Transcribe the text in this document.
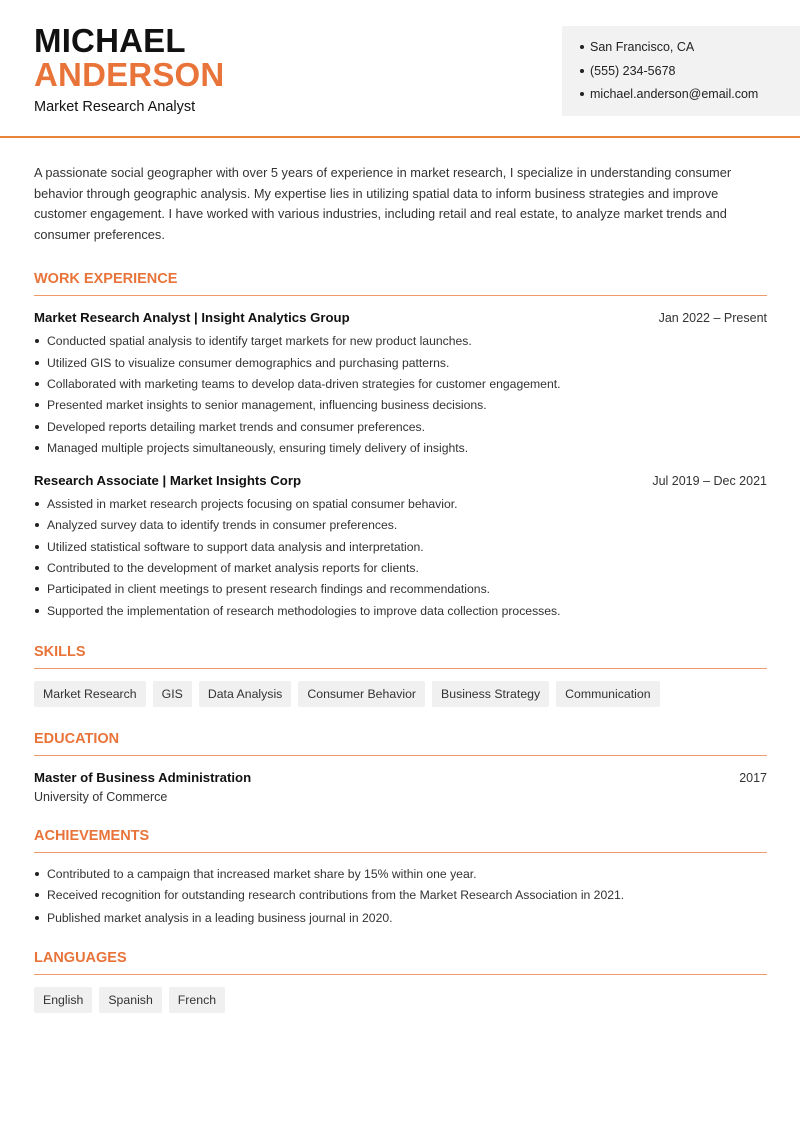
MICHAEL
ANDERSON
Market Research Analyst
San Francisco, CA
(555) 234-5678
michael.anderson@email.com

A passionate social geographer with over 5 years of experience in market research, I specialize in understanding consumer behavior through geographic analysis. My expertise lies in utilizing spatial data to inform business strategies and improve customer engagement. I have worked with various industries, including retail and real estate, to analyze market trends and consumer preferences.

WORK EXPERIENCE
Market Research Analyst | Insight Analytics Group	Jan 2022 – Present
Conducted spatial analysis to identify target markets for new product launches.
Utilized GIS to visualize consumer demographics and purchasing patterns.
Collaborated with marketing teams to develop data-driven strategies for customer engagement.
Presented market insights to senior management, influencing business decisions.
Developed reports detailing market trends and consumer preferences.
Managed multiple projects simultaneously, ensuring timely delivery of insights.
Research Associate | Market Insights Corp	Jul 2019 – Dec 2021
Assisted in market research projects focusing on spatial consumer behavior.
Analyzed survey data to identify trends in consumer preferences.
Utilized statistical software to support data analysis and interpretation.
Contributed to the development of market analysis reports for clients.
Participated in client meetings to present research findings and recommendations.
Supported the implementation of research methodologies to improve data collection processes.
SKILLS
Market Research	GIS	Data Analysis	Consumer Behavior	Business Strategy	Communication
EDUCATION
Master of Business Administration	2017
University of Commerce
ACHIEVEMENTS
Contributed to a campaign that increased market share by 15% within one year.
Received recognition for outstanding research contributions from the Market Research Association in 2021.
Published market analysis in a leading business journal in 2020.
LANGUAGES
English	Spanish	French
